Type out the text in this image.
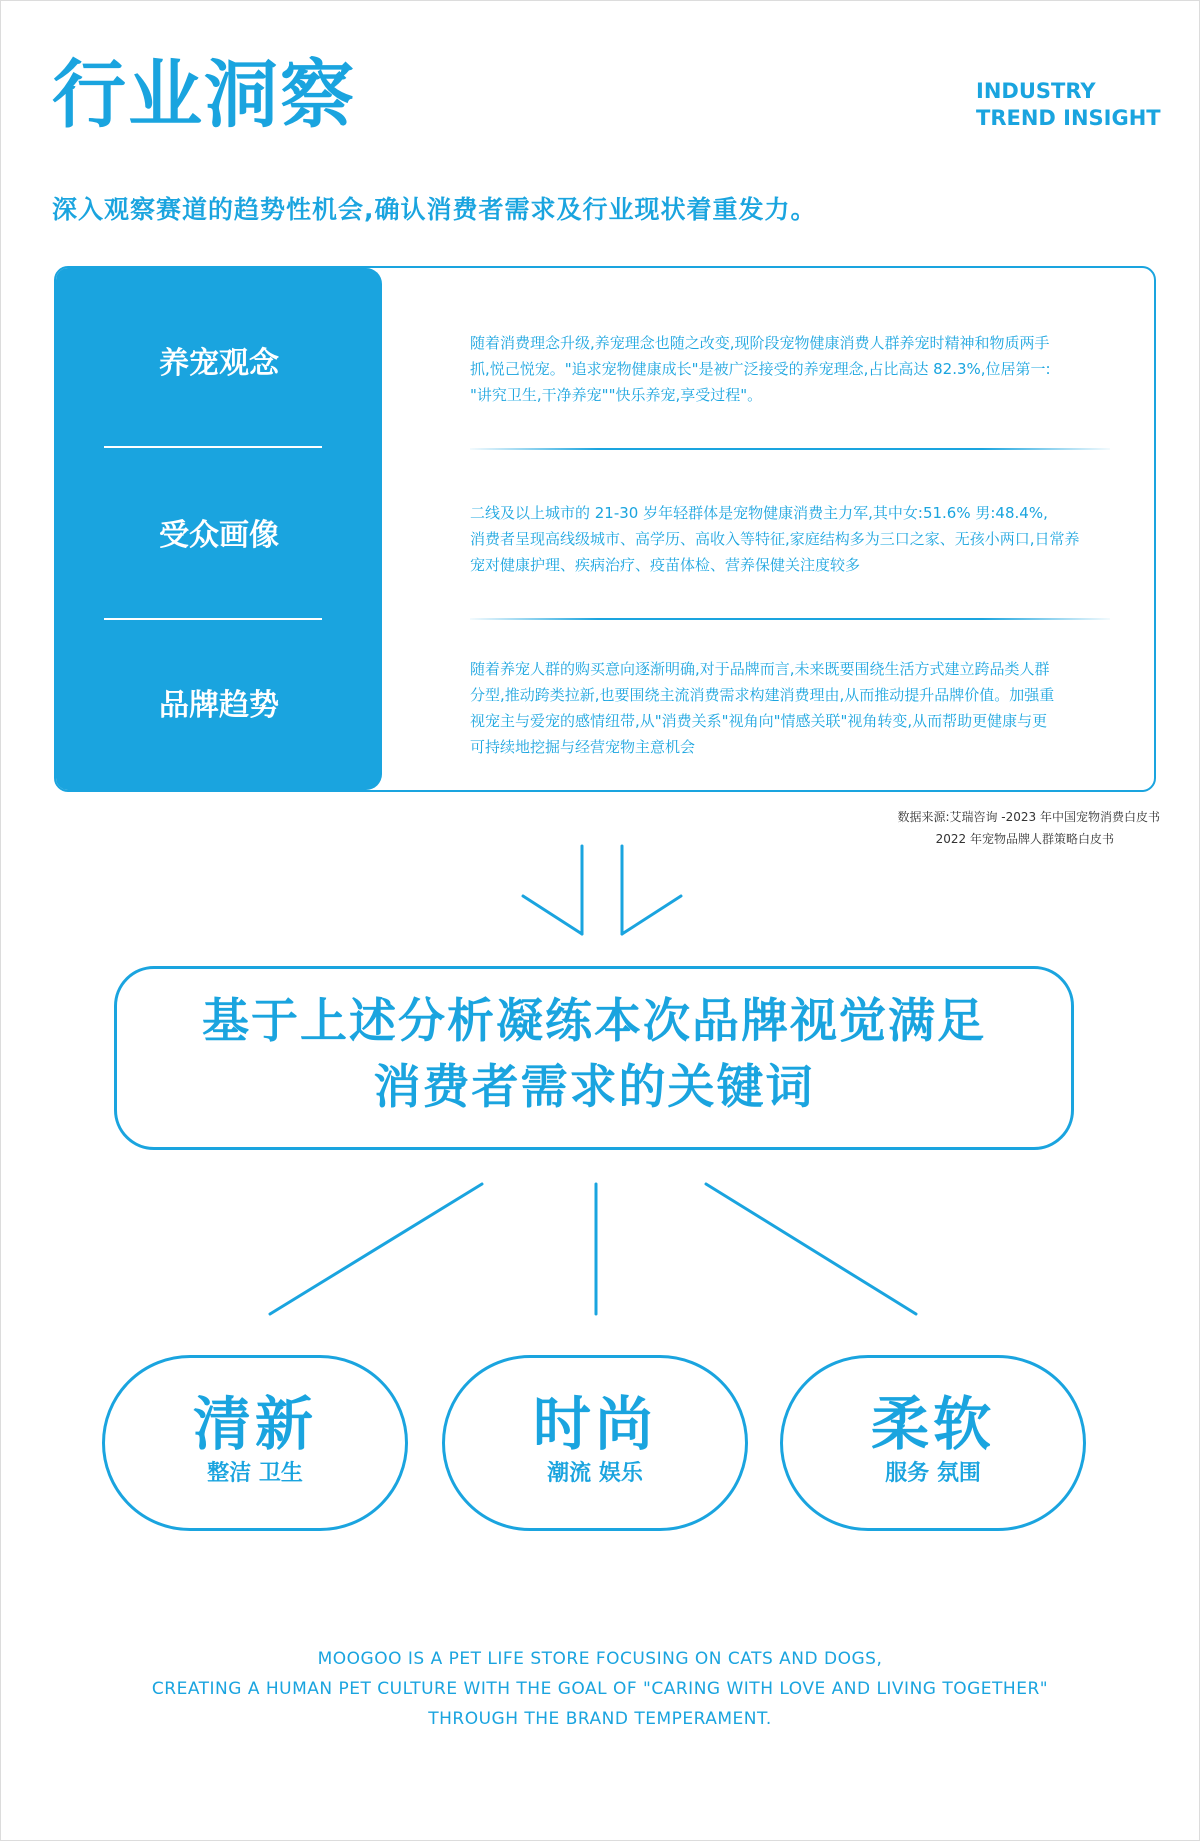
行业洞察	INDUSTRY
TREND INSIGHT
深入观察赛道的趋势性机会,确认消费者需求及行业现状着重发力。
养宠观念
受众画像
品牌趋势
随着消费理念升级,养宠理念也随之改变,现阶段宠物健康消费人群养宠时精神和物质两手
抓,悦己悦宠。"追求宠物健康成长"是被广泛接受的养宠理念,占比高达 82.3%,位居第一:
"讲究卫生,干净养宠""快乐养宠,享受过程"。
二线及以上城市的 21-30 岁年轻群体是宠物健康消费主力军,其中女:51.6% 男:48.4%,
消费者呈现高线级城市、高学历、高收入等特征,家庭结构多为三口之家、无孩小两口,日常养
宠对健康护理、疾病治疗、疫苗体检、营养保健关注度较多
随着养宠人群的购买意向逐渐明确,对于品牌而言,未来既要围绕生活方式建立跨品类人群
分型,推动跨类拉新,也要围绕主流消费需求构建消费理由,从而推动提升品牌价值。加强重
视宠主与爱宠的感情纽带,从"消费关系"视角向"情感关联"视角转变,从而帮助更健康与更
可持续地挖掘与经营宠物主意机会
数据来源:艾瑞咨询 -2023 年中国宠物消费白皮书
2022 年宠物品牌人群策略白皮书
基于上述分析凝练本次品牌视觉满足
消费者需求的关键词
清新
整洁 卫生
时尚
潮流 娱乐
柔软
服务 氛围
MOOGOO IS A PET LIFE STORE FOCUSING ON CATS AND DOGS,
CREATING A HUMAN PET CULTURE WITH THE GOAL OF "CARING WITH LOVE AND LIVING TOGETHER"
THROUGH THE BRAND TEMPERAMENT.
